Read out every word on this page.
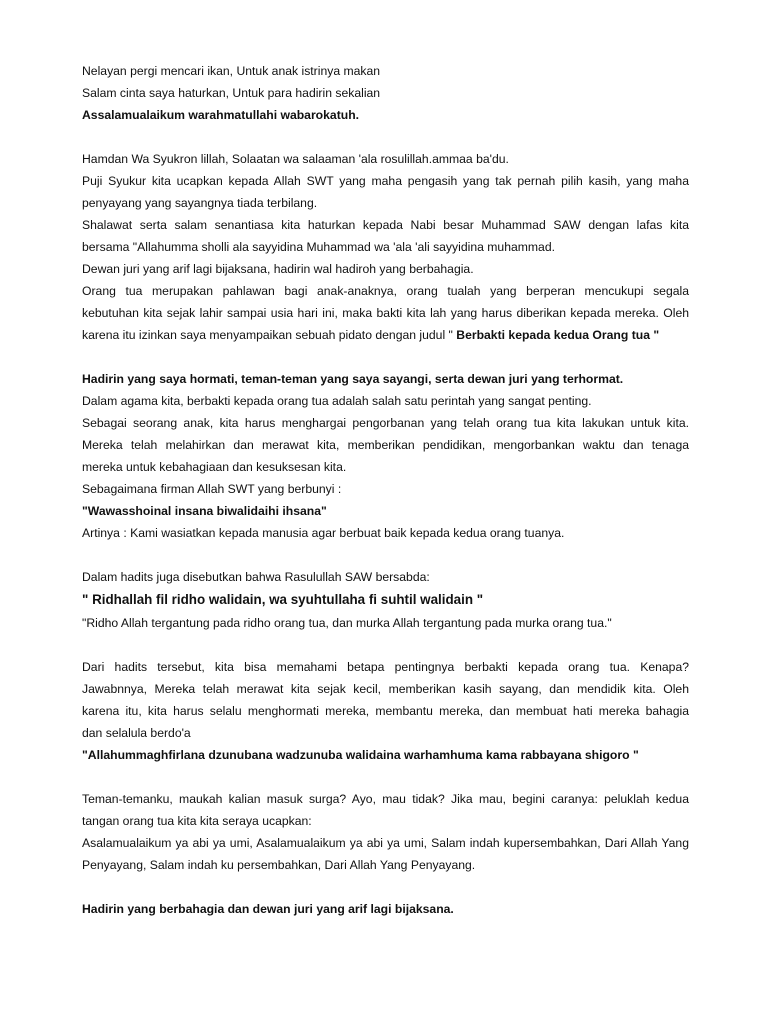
Nelayan pergi mencari ikan, Untuk anak istrinya makan
Salam cinta saya haturkan, Untuk para hadirin sekalian
Assalamualaikum warahmatullahi wabarokatuh.
Hamdan Wa Syukron lillah, Solaatan wa salaaman 'ala rosulillah.ammaa ba'du.
Puji Syukur kita ucapkan kepada Allah SWT yang maha pengasih yang tak pernah pilih kasih, yang maha
penyayang yang sayangnya tiada terbilang.
Shalawat serta salam senantiasa kita haturkan kepada Nabi besar Muhammad SAW dengan lafas kita
bersama "Allahumma sholli ala sayyidina Muhammad wa 'ala 'ali sayyidina muhammad.
Dewan juri yang arif lagi bijaksana, hadirin wal hadiroh yang berbahagia.
Orang tua merupakan pahlawan bagi anak-anaknya, orang tualah yang berperan mencukupi segala
kebutuhan kita sejak lahir sampai usia hari ini, maka bakti kita lah yang harus diberikan kepada mereka. Oleh
karena itu izinkan saya menyampaikan sebuah pidato dengan judul " Berbakti kepada kedua Orang tua "
Hadirin yang saya hormati, teman-teman yang saya sayangi, serta dewan juri yang terhormat.
Dalam agama kita, berbakti kepada orang tua adalah salah satu perintah yang sangat penting.
Sebagai seorang anak, kita harus menghargai pengorbanan yang telah orang tua kita lakukan untuk kita.
Mereka telah melahirkan dan merawat kita, memberikan pendidikan, mengorbankan waktu dan tenaga
mereka untuk kebahagiaan dan kesuksesan kita.
Sebagaimana firman Allah SWT yang berbunyi :
"Wawasshoinal insana biwalidaihi ihsana"
Artinya : Kami wasiatkan kepada manusia agar berbuat baik kepada kedua orang tuanya.
Dalam hadits juga disebutkan bahwa Rasulullah SAW bersabda:
" Ridhallah fil ridho walidain, wa syuhtullaha fi suhtil walidain "
"Ridho Allah tergantung pada ridho orang tua, dan murka Allah tergantung pada murka orang tua."
Dari hadits tersebut, kita bisa memahami betapa pentingnya berbakti kepada orang tua. Kenapa?
Jawabnnya, Mereka telah merawat kita sejak kecil, memberikan kasih sayang, dan mendidik kita. Oleh
karena itu, kita harus selalu menghormati mereka, membantu mereka, dan membuat hati mereka bahagia
dan selalula berdo'a
"Allahummaghfirlana dzunubana wadzunuba walidaina warhamhuma kama rabbayana shigoro "
Teman-temanku, maukah kalian masuk surga? Ayo, mau tidak? Jika mau, begini caranya: peluklah kedua
tangan orang tua kita kita seraya ucapkan:
Asalamualaikum ya abi ya umi, Asalamualaikum ya abi ya umi, Salam indah kupersembahkan, Dari Allah Yang
Penyayang, Salam indah ku persembahkan, Dari Allah Yang Penyayang.
Hadirin yang berbahagia dan dewan juri yang arif lagi bijaksana.
